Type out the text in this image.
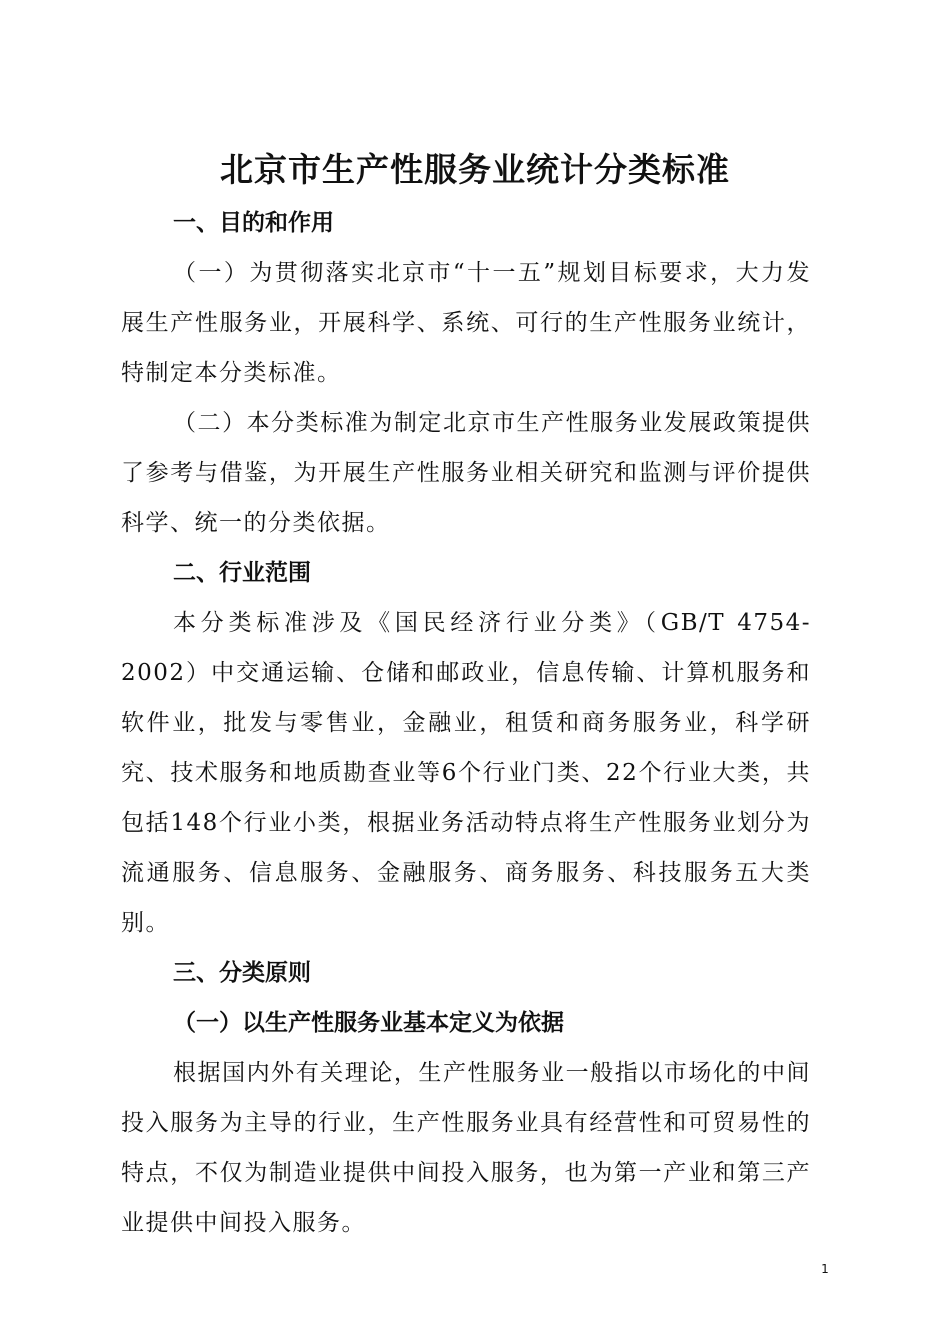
北京市生产性服务业统计分类标准

一、目的和作用

（一）为贯彻落实北京市“十一五”规划目标要求，大力发展生产性服务业，开展科学、系统、可行的生产性服务业统计，特制定本分类标准。

（二）本分类标准为制定北京市生产性服务业发展政策提供了参考与借鉴，为开展生产性服务业相关研究和监测与评价提供科学、统一的分类依据。

二、行业范围

本分类标准涉及《国民经济行业分类》（GB/T 4754-2002）中交通运输、仓储和邮政业，信息传输、计算机服务和软件业，批发与零售业，金融业，租赁和商务服务业，科学研究、技术服务和地质勘查业等6个行业门类、22个行业大类，共包括148个行业小类，根据业务活动特点将生产性服务业划分为流通服务、信息服务、金融服务、商务服务、科技服务五大类别。

三、分类原则

（一）以生产性服务业基本定义为依据

根据国内外有关理论，生产性服务业一般指以市场化的中间投入服务为主导的行业，生产性服务业具有经营性和可贸易性的特点，不仅为制造业提供中间投入服务，也为第一产业和第三产业提供中间投入服务。

1
